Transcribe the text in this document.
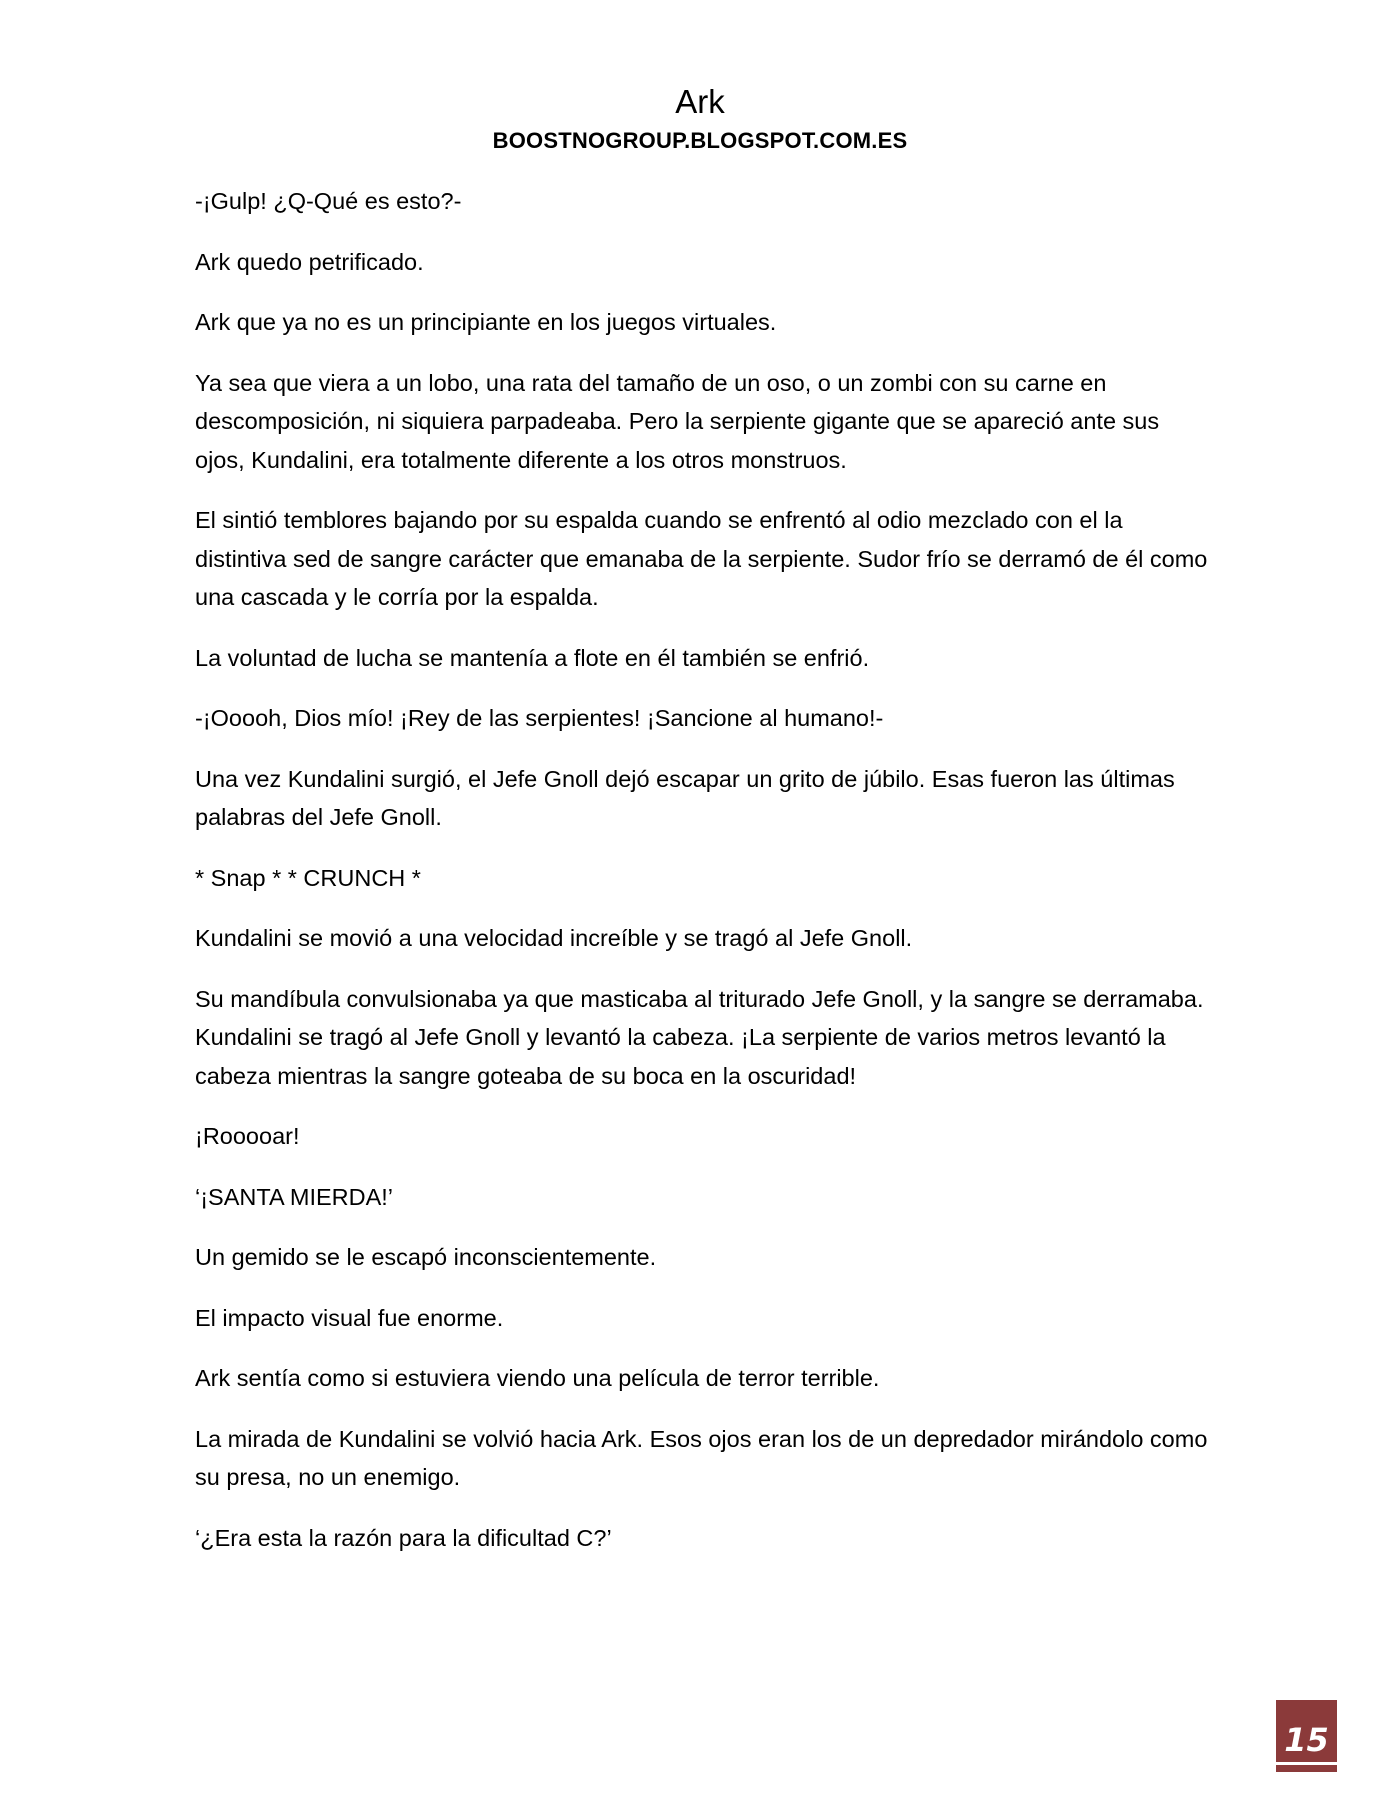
Ark
BOOSTNOGROUP.BLOGSPOT.COM.ES

-¡Gulp! ¿Q-Qué es esto?-

Ark quedo petrificado.

Ark que ya no es un principiante en los juegos virtuales.

Ya sea que viera a un lobo, una rata del tamaño de un oso, o un zombi con su carne en descomposición, ni siquiera parpadeaba. Pero la serpiente gigante que se apareció ante sus ojos, Kundalini, era totalmente diferente a los otros monstruos.

El sintió temblores bajando por su espalda cuando se enfrentó al odio mezclado con el la distintiva sed de sangre carácter que emanaba de la serpiente. Sudor frío se derramó de él como una cascada y le corría por la espalda.

La voluntad de lucha se mantenía a flote en él también se enfrió.

-¡Ooooh, Dios mío! ¡Rey de las serpientes! ¡Sancione al humano!-

Una vez Kundalini surgió, el Jefe Gnoll dejó escapar un grito de júbilo. Esas fueron las últimas palabras del Jefe Gnoll.

* Snap * * CRUNCH *

Kundalini se movió a una velocidad increíble y se tragó al Jefe Gnoll.

Su mandíbula convulsionaba ya que masticaba al triturado Jefe Gnoll, y la sangre se derramaba. Kundalini se tragó al Jefe Gnoll y levantó la cabeza. ¡La serpiente de varios metros levantó la cabeza mientras la sangre goteaba de su boca en la oscuridad!

¡Rooooar!

‘¡SANTA MIERDA!’

Un gemido se le escapó inconscientemente.

El impacto visual fue enorme.

Ark sentía como si estuviera viendo una película de terror terrible.

La mirada de Kundalini se volvió hacia Ark. Esos ojos eran los de un depredador mirándolo como su presa, no un enemigo.

‘¿Era esta la razón para la dificultad C?’

15
